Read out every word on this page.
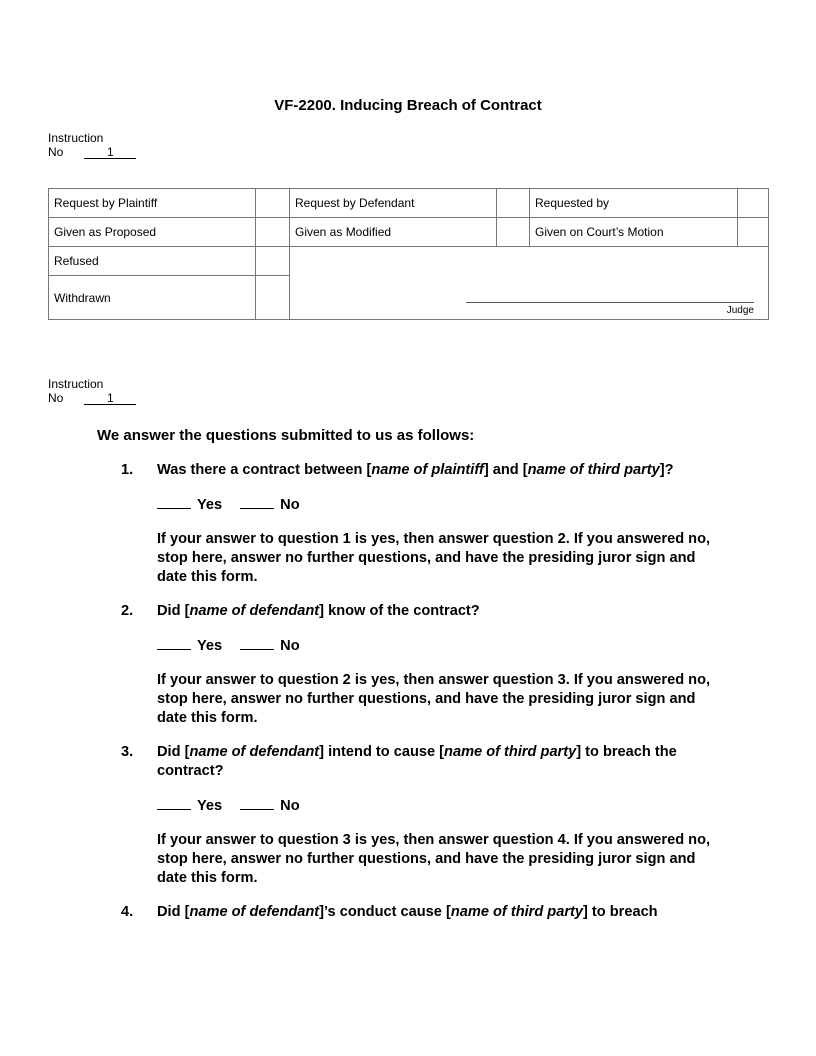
VF-2200. Inducing Breach of Contract
Instruction
No	1
Request by Plaintiff		Request by Defendant		Requested by	
Given as Proposed		Given as Modified		Given on Court’s Motion	
Refused		Judge			

Withdrawn					
Instruction
No	1
We answer the questions submitted to us as follows:
1. Was there a contract between [name of plaintiff] and [name of third party]?
Yes	No
If your answer to question 1 is yes, then answer question 2. If you answered no, stop here, answer no further questions, and have the presiding juror sign and date this form.
2. Did [name of defendant] know of the contract?
Yes	No
If your answer to question 2 is yes, then answer question 3. If you answered no, stop here, answer no further questions, and have the presiding juror sign and date this form.
3. Did [name of defendant] intend to cause [name of third party] to breach the contract?
Yes	No
If your answer to question 3 is yes, then answer question 4. If you answered no, stop here, answer no further questions, and have the presiding juror sign and date this form.
4. Did [name of defendant]’s conduct cause [name of third party] to breach
